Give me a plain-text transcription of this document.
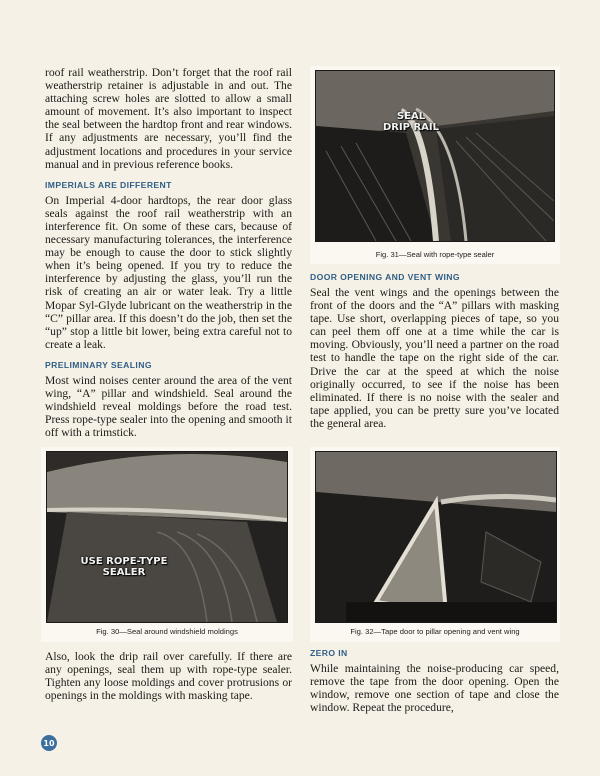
roof rail weatherstrip. Don’t forget that the roof rail weatherstrip retainer is adjustable in and out. The attaching screw holes are slotted to allow a small amount of movement. It’s also important to inspect the seal between the hardtop front and rear windows. If any adjustments are necessary, you’ll find the adjustment locations and procedures in your service manual and in previous reference books.

IMPERIALS ARE DIFFERENT

On Imperial 4-door hardtops, the rear door glass seals against the roof rail weatherstrip with an interference fit. On some of these cars, because of necessary manufacturing tolerances, the interference may be enough to cause the door to stick slightly when it’s being opened. If you try to reduce the interference by adjusting the glass, you’ll run the risk of creating an air or water leak. Try a little Mopar Syl-Glyde lubricant on the weatherstrip in the “C” pillar area. If this doesn’t do the job, then set the “up” stop a little bit lower, being extra careful not to create a leak.

PRELIMINARY SEALING

Most wind noises center around the area of the vent wing, “A” pillar and windshield. Seal around the windshield reveal moldings before the road test. Press rope-type sealer into the opening and smooth it off with a trimstick.

SEAL
DRIP RAIL
Fig. 31—Seal with rope-type sealer
DOOR OPENING AND VENT WING

Seal the vent wings and the openings between the front of the doors and the “A” pillars with masking tape. Use short, overlapping pieces of tape, so you can peel them off one at a time while the car is moving. Obviously, you’ll need a partner on the road test to handle the tape on the right side of the car. Drive the car at the speed at which the noise originally occurred, to see if the noise has been eliminated. If there is no noise with the sealer and tape applied, you can be pretty sure you’ve located the general area.

USE ROPE-TYPE
SEALER
Fig. 30—Seal around windshield moldings	Fig. 32—Tape door to pillar opening and vent wing

Also, look the drip rail over carefully. If there are any openings, seal them up with rope-type sealer. Tighten any loose moldings and cover protrusions or openings in the moldings with masking tape.

ZERO IN

While maintaining the noise-producing car speed, remove the tape from the door opening. Open the window, remove one section of tape and close the window. Repeat the procedure,

10
